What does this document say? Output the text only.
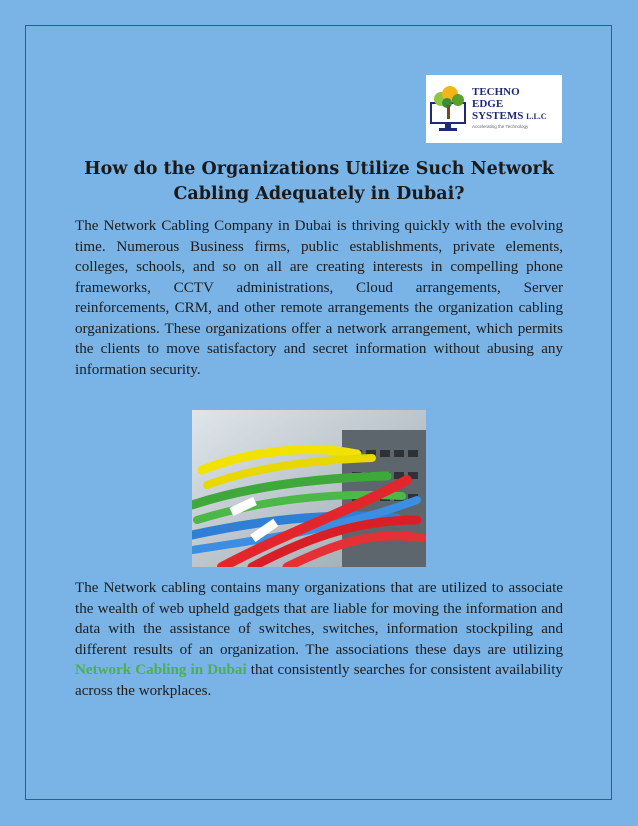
TECHNO
EDGE
SYSTEMS L.L.C
Accelerating the Technology
How do the Organizations Utilize Such Network Cabling Adequately in Dubai?

The Network Cabling Company in Dubai is thriving quickly with the evolving time. Numerous Business firms, public establishments, private elements, colleges, schools, and so on all are creating interests in compelling phone frameworks, CCTV administrations, Cloud arrangements, Server reinforcements, CRM, and other remote arrangements the organization cabling organizations. These organizations offer a network arrangement, which permits the clients to move satisfactory and secret information without abusing any information security.

The Network cabling contains many organizations that are utilized to associate the wealth of web upheld gadgets that are liable for moving the information and data with the assistance of switches, switches, information stockpiling and different results of an organization. The associations these days are utilizing Network Cabling in Dubai that consistently searches for consistent availability across the workplaces.
